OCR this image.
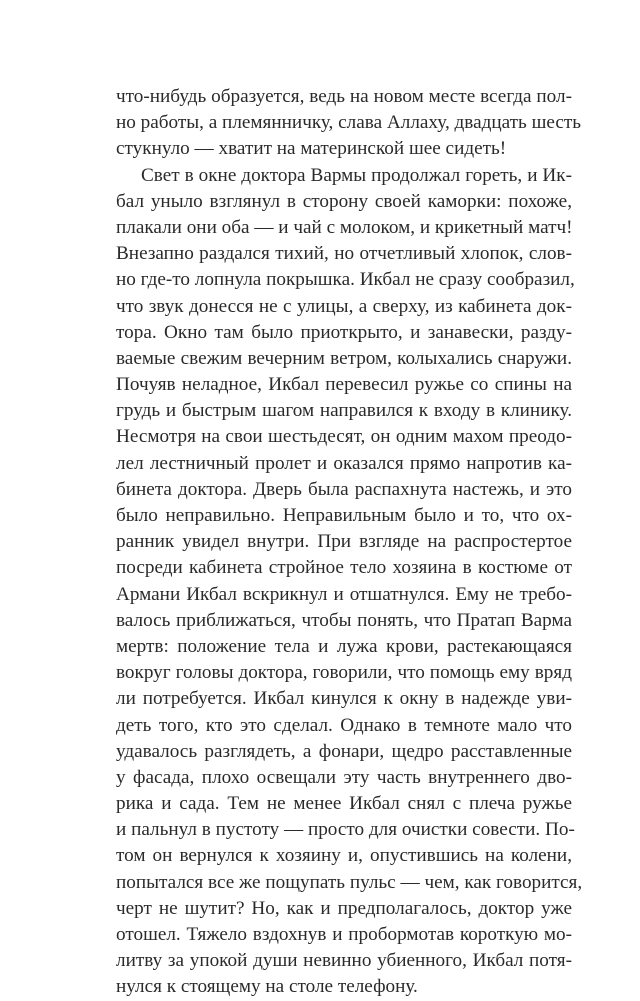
что-нибудь образуется, ведь на новом месте всегда пол-
но работы, а племянничку, слава Аллаху, двадцать шесть
стукнуло — хватит на материнской шее сидеть!
Свет в окне доктора Вармы продолжал гореть, и Ик-
бал уныло взглянул в сторону своей каморки: похоже,
плакали они оба — и чай с молоком, и крикетный матч!
Внезапно раздался тихий, но отчетливый хлопок, слов-
но где-то лопнула покрышка. Икбал не сразу сообразил,
что звук донесся не с улицы, а сверху, из кабинета док-
тора. Окно там было приоткрыто, и занавески, разду-
ваемые свежим вечерним ветром, колыхались снаружи.
Почуяв неладное, Икбал перевесил ружье со спины на
грудь и быстрым шагом направился к входу в клинику.
Несмотря на свои шестьдесят, он одним махом преодо-
лел лестничный пролет и оказался прямо напротив ка-
бинета доктора. Дверь была распахнута настежь, и это
было неправильно. Неправильным было и то, что ох-
ранник увидел внутри. При взгляде на распростертое
посреди кабинета стройное тело хозяина в костюме от
Армани Икбал вскрикнул и отшатнулся. Ему не требо-
валось приближаться, чтобы понять, что Пратап Варма
мертв: положение тела и лужа крови, растекающаяся
вокруг головы доктора, говорили, что помощь ему вряд
ли потребуется. Икбал кинулся к окну в надежде уви-
деть того, кто это сделал. Однако в темноте мало что
удавалось разглядеть, а фонари, щедро расставленные
у фасада, плохо освещали эту часть внутреннего дво-
рика и сада. Тем не менее Икбал снял с плеча ружье
и пальнул в пустоту — просто для очистки совести. По-
том он вернулся к хозяину и, опустившись на колени,
попытался все же пощупать пульс — чем, как говорится,
черт не шутит? Но, как и предполагалось, доктор уже
отошел. Тяжело вздохнув и пробормотав короткую мо-
литву за упокой души невинно убиенного, Икбал потя-
нулся к стоящему на столе телефону.
